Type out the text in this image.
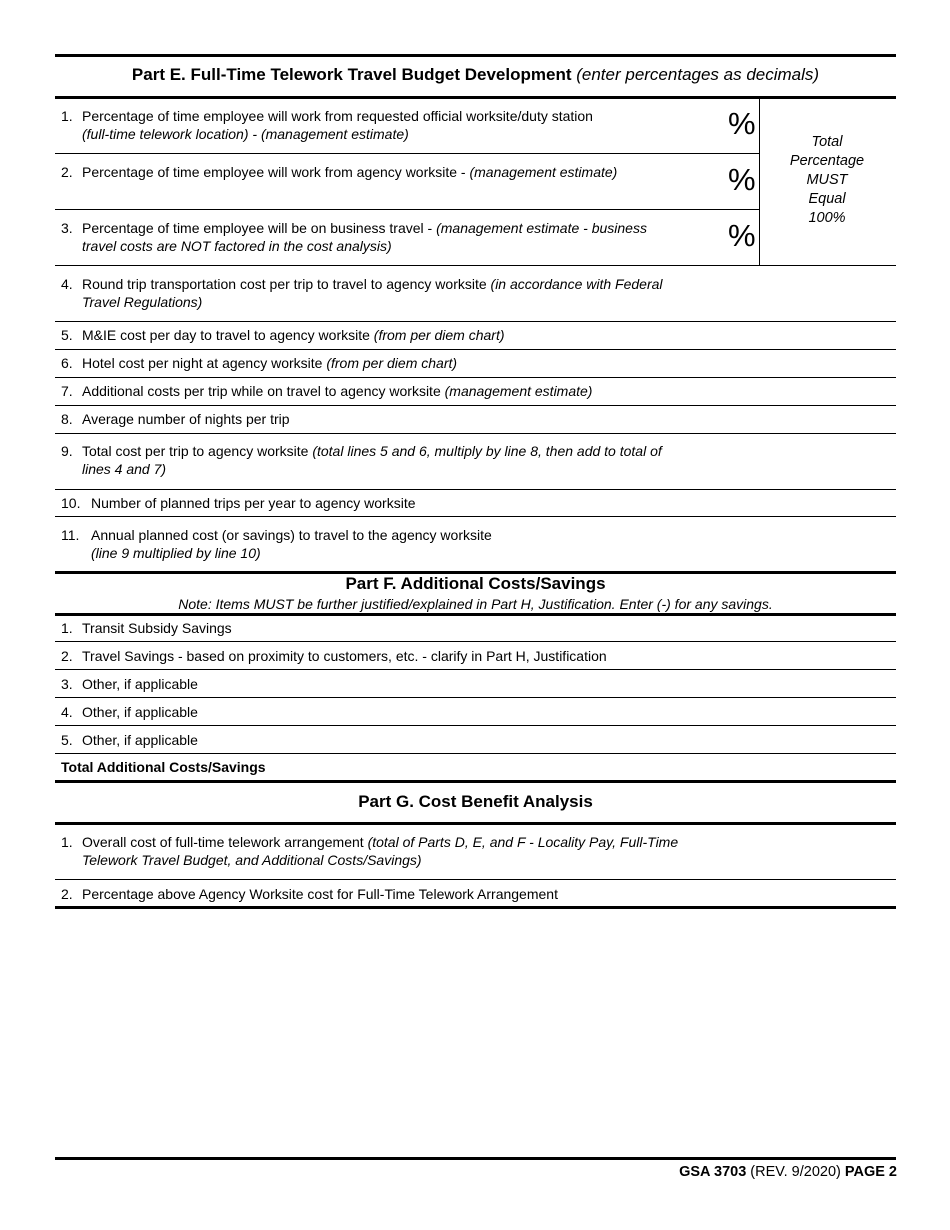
Part E. Full-Time Telework Travel Budget Development (enter percentages as decimals)
1. Percentage of time employee will work from requested official worksite/duty station
(full-time telework location) - (management estimate)	%
2. Percentage of time employee will work from agency worksite - (management estimate)	%
3. Percentage of time employee will be on business travel - (management estimate - business travel costs are NOT factored in the cost analysis)	%
Total
Percentage
MUST
Equal
100%
4. Round trip transportation cost per trip to travel to agency worksite (in accordance with Federal Travel Regulations)
5. M&IE cost per day to travel to agency worksite (from per diem chart)
6. Hotel cost per night at agency worksite (from per diem chart)
7. Additional costs per trip while on travel to agency worksite (management estimate)
8. Average number of nights per trip
9. Total cost per trip to agency worksite (total lines 5 and 6, multiply by line 8, then add to total of lines 4 and 7)
10. Number of planned trips per year to agency worksite
11. Annual planned cost (or savings) to travel to the agency worksite
(line 9 multiplied by line 10)
Part F. Additional Costs/Savings
Note: Items MUST be further justified/explained in Part H, Justification. Enter (-) for any savings.
1. Transit Subsidy Savings
2. Travel Savings - based on proximity to customers, etc. - clarify in Part H, Justification
3. Other, if applicable
4. Other, if applicable
5. Other, if applicable
Total Additional Costs/Savings
Part G. Cost Benefit Analysis
1. Overall cost of full-time telework arrangement (total of Parts D, E, and F - Locality Pay, Full-Time Telework Travel Budget, and Additional Costs/Savings)
2. Percentage above Agency Worksite cost for Full-Time Telework Arrangement
GSA 3703 (REV. 9/2020) PAGE 2
